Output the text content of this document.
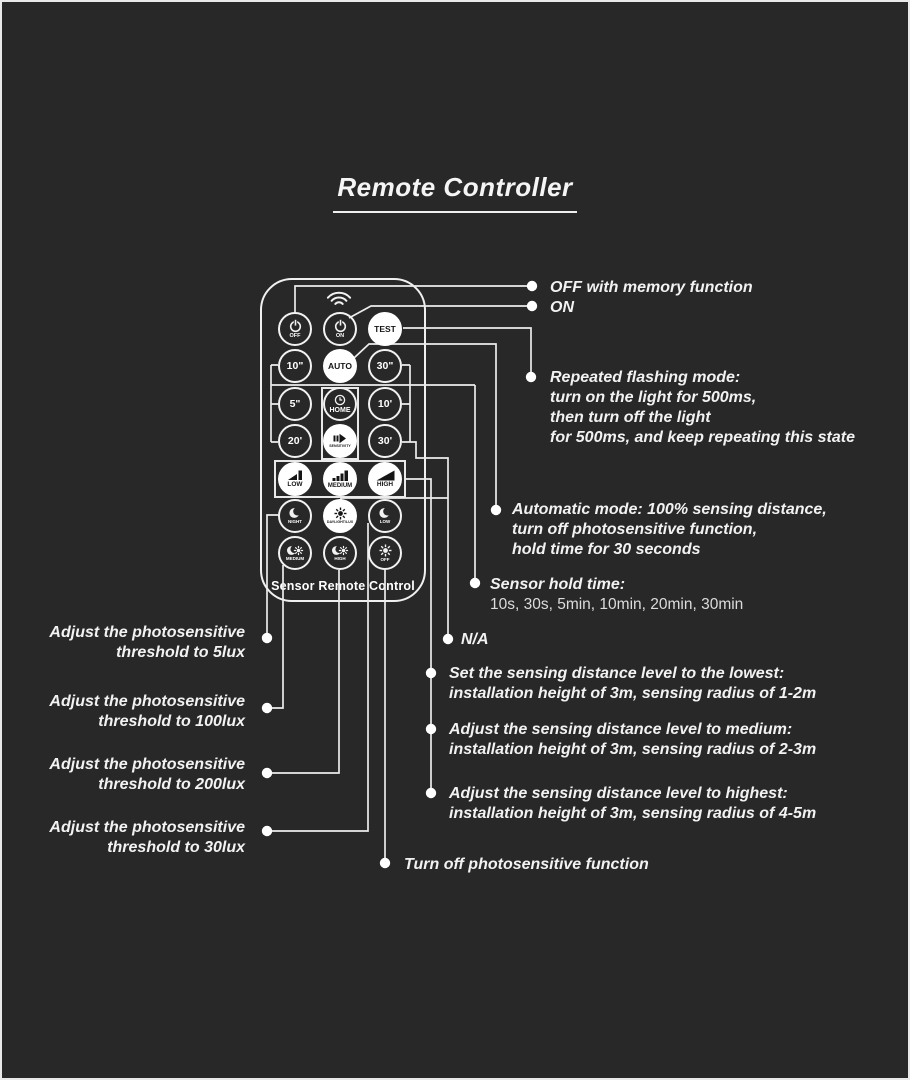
Remote Controller
Sensor Remote Control
OFF	ON
TEST
10"	AUTO 30"
5"
HOME
10'
20'	SENSITIVITY	30'
LOW	MEDIUM	HIGH
NIGHT	DAYLIGHT/LUX	LOW
MEDIUM	HIGH	OFF
OFF with memory function
ON
Repeated flashing mode:
turn on the light for 500ms,
then turn off the light
for 500ms, and keep repeating this state
Automatic mode: 100% sensing distance,
turn off photosensitive function,
hold time for 30 seconds
Sensor hold time:
10s, 30s, 5min, 10min, 20min, 30min
N/A
Set the sensing distance level to the lowest:
installation height of 3m, sensing radius of 1-2m
Adjust the sensing distance level to medium:
installation height of 3m, sensing radius of 2-3m
Adjust the sensing distance level to highest:
installation height of 3m, sensing radius of 4-5m
Turn off photosensitive function
Adjust the photosensitive
threshold to 5lux
Adjust the photosensitive
threshold to 100lux
Adjust the photosensitive
threshold to 200lux
Adjust the photosensitive
threshold to 30lux
